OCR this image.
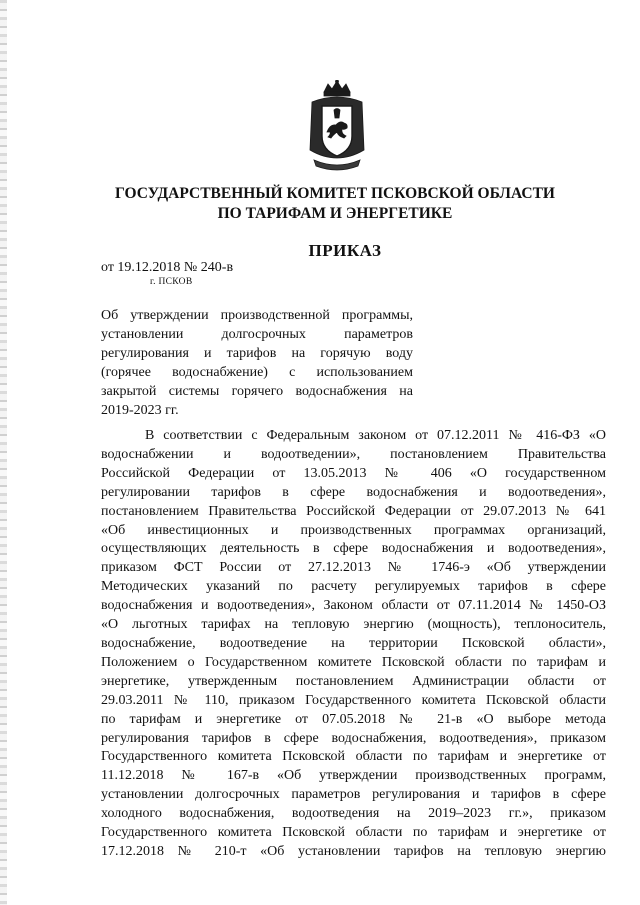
ГОСУДАРСТВЕННЫЙ КОМИТЕТ ПСКОВСКОЙ ОБЛАСТИ
ПО ТАРИФАМ И ЭНЕРГЕТИКЕ
ПРИКАЗ
от 19.12.2018 № 240-в
г. ПСКОВ
Об утверждении производственной программы,
установлении долгосрочных параметров
регулирования и тарифов на горячую воду
(горячее водоснабжение) с использованием
закрытой системы горячего водоснабжения на
2019-2023 гг.
В соответствии с Федеральным законом от 07.12.2011 № 416-ФЗ «О
водоснабжении и водоотведении», постановлением Правительства
Российской Федерации от 13.05.2013 № 406 «О государственном
регулировании тарифов в сфере водоснабжения и водоотведения»,
постановлением Правительства Российской Федерации от 29.07.2013 № 641
«Об инвестиционных и производственных программах организаций,
осуществляющих деятельность в сфере водоснабжения и водоотведения»,
приказом ФСТ России от 27.12.2013 № 1746-э «Об утверждении
Методических указаний по расчету регулируемых тарифов в сфере
водоснабжения и водоотведения», Законом области от 07.11.2014 № 1450-ОЗ
«О льготных тарифах на тепловую энергию (мощность), теплоноситель,
водоснабжение, водоотведение на территории Псковской области»,
Положением о Государственном комитете Псковской области по тарифам и
энергетике, утвержденным постановлением Администрации области от
29.03.2011 № 110, приказом Государственного комитета Псковской области
по тарифам и энергетике от 07.05.2018 № 21-в «О выборе метода
регулирования тарифов в сфере водоснабжения, водоотведения», приказом
Государственного комитета Псковской области по тарифам и энергетике от
11.12.2018 № 167-в «Об утверждении производственных программ,
установлении долгосрочных параметров регулирования и тарифов в сфере
холодного водоснабжения, водоотведения на 2019–2023 гг.», приказом
Государственного комитета Псковской области по тарифам и энергетике от
17.12.2018 № 210-т «Об установлении тарифов на тепловую энергию
